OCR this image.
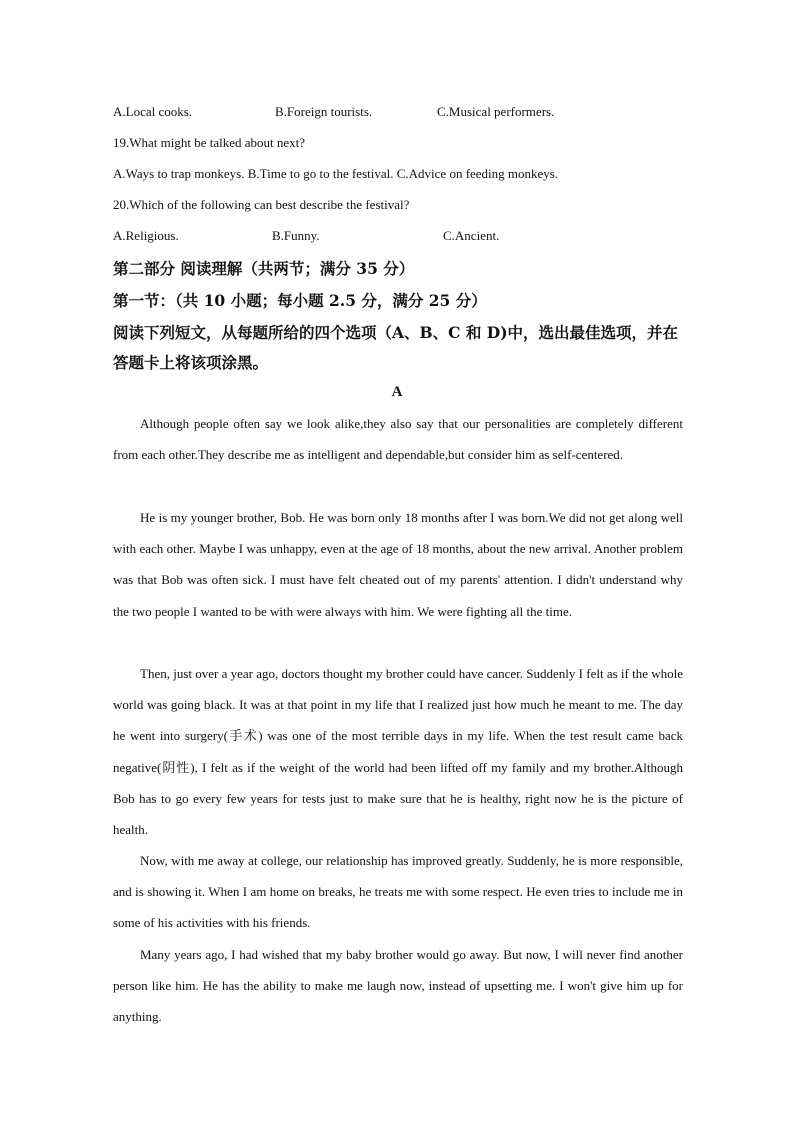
A.Local cooks.	B.Foreign tourists.	C.Musical performers.
19.What might be talked about next?
A.Ways to trap monkeys. B.Time to go to the festival. C.Advice on feeding monkeys.
20.Which of the following can best describe the festival?
A.Religious.	B.Funny.	C.Ancient.
第二部分 阅读理解（共两节；满分 35 分）
第一节：（共 10 小题；每小题 2.5 分，满分 25 分）
阅读下列短文，从每题所给的四个选项（A、B、C 和 D)中，选出最佳选项，并在
答题卡上将该项涂黑。
A

Although people often say we look alike,they also say that our personalities are completely different from each other.They describe me as intelligent and dependable,but consider him as self-centered.

He is my younger brother, Bob. He was born only 18 months after I was born.We did not get along well with each other. Maybe I was unhappy, even at the age of 18 months, about the new arrival. Another problem was that Bob was often sick. I must have felt cheated out of my parents' attention. I didn't understand why the two people I wanted to be with were always with him. We were fighting all the time.

Then, just over a year ago, doctors thought my brother could have cancer. Suddenly I felt as if the whole world was going black. It was at that point in my life that I realized just how much he meant to me. The day he went into surgery(手术) was one of the most terrible days in my life. When the test result came back negative(阴性), I felt as if the weight of the world had been lifted off my family and my brother.Although Bob has to go every few years for tests just to make sure that he is healthy, right now he is the picture of health.

Now, with me away at college, our relationship has improved greatly. Suddenly, he is more responsible, and is showing it. When I am home on breaks, he treats me with some respect. He even tries to include me in some of his activities with his friends.

Many years ago, I had wished that my baby brother would go away. But now, I will never find another person like him. He has the ability to make me laugh now, instead of upsetting me. I won't give him up for anything.
